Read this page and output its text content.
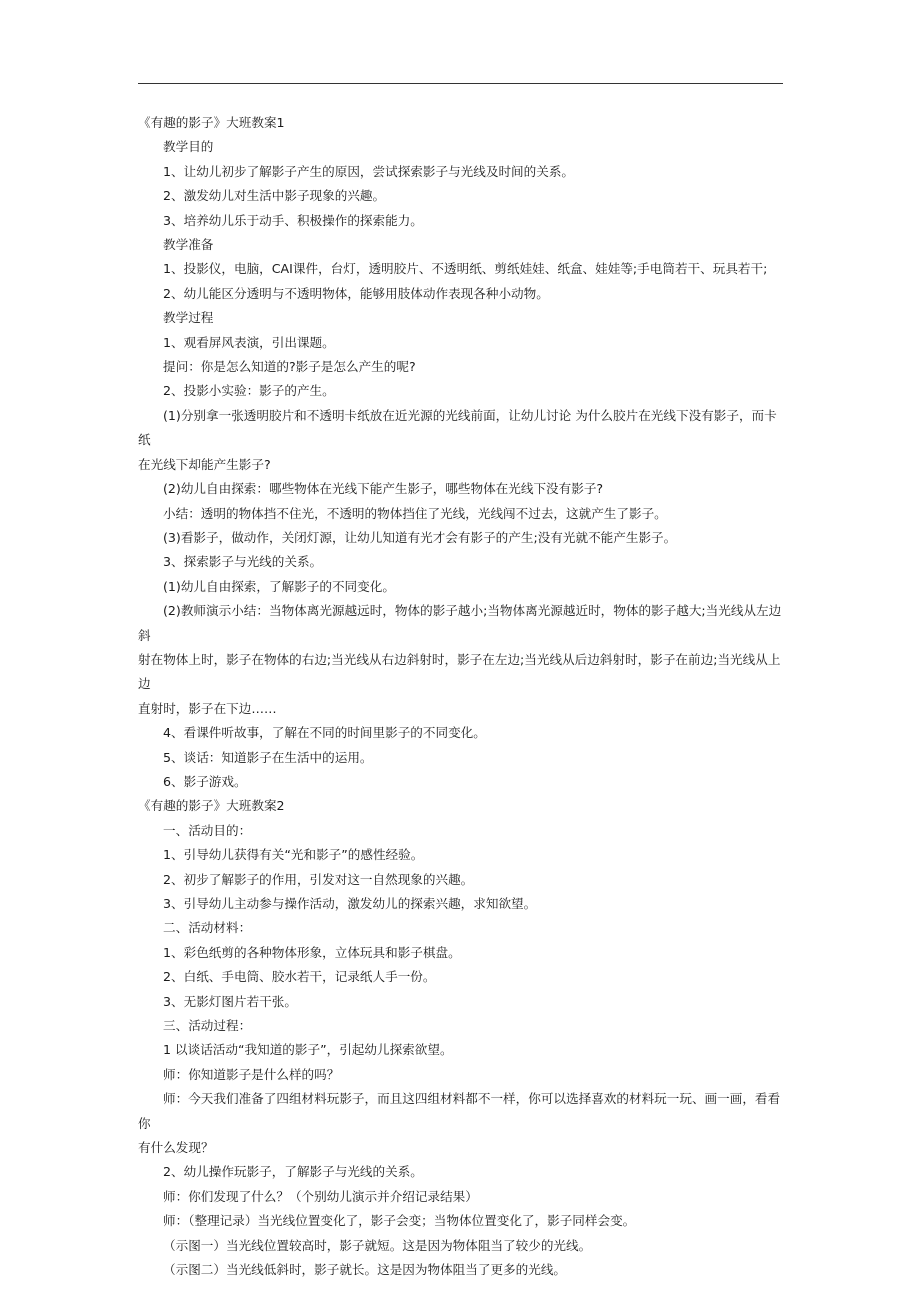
《有趣的影子》大班教案1

教学目的

1、让幼儿初步了解影子产生的原因，尝试探索影子与光线及时间的关系。

2、激发幼儿对生活中影子现象的兴趣。

3、培养幼儿乐于动手、积极操作的探索能力。

教学准备

1、投影仪，电脑，CAI课件，台灯，透明胶片、不透明纸、剪纸娃娃、纸盒、娃娃等;手电筒若干、玩具若干;

2、幼儿能区分透明与不透明物体，能够用肢体动作表现各种小动物。

教学过程

1、观看屏风表演，引出课题。

提问：你是怎么知道的?影子是怎么产生的呢?

2、投影小实验：影子的产生。

(1)分别拿一张透明胶片和不透明卡纸放在近光源的光线前面，让幼儿讨论 为什么胶片在光线下没有影子，而卡纸

在光线下却能产生影子?

(2)幼儿自由探索：哪些物体在光线下能产生影子，哪些物体在光线下没有影子?

小结：透明的物体挡不住光，不透明的物体挡住了光线，光线闯不过去，这就产生了影子。

(3)看影子，做动作，关闭灯源，让幼儿知道有光才会有影子的产生;没有光就不能产生影子。

3、探索影子与光线的关系。

(1)幼儿自由探索，了解影子的不同变化。

(2)教师演示小结：当物体离光源越远时，物体的影子越小;当物体离光源越近时，物体的影子越大;当光线从左边斜

射在物体上时，影子在物体的右边;当光线从右边斜射时，影子在左边;当光线从后边斜射时，影子在前边;当光线从上边

直射时，影子在下边……

4、看课件听故事，了解在不同的时间里影子的不同变化。

5、谈话：知道影子在生活中的运用。

6、影子游戏。

《有趣的影子》大班教案2

一、活动目的：

1、引导幼儿获得有关“光和影子”的感性经验。

2、初步了解影子的作用，引发对这一自然现象的兴趣。

3、引导幼儿主动参与操作活动，激发幼儿的探索兴趣，求知欲望。

二、活动材料：

1、彩色纸剪的各种物体形象，立体玩具和影子棋盘。

2、白纸、手电筒、胶水若干，记录纸人手一份。

3、无影灯图片若干张。

三、活动过程：

1 以谈话活动“我知道的影子”，引起幼儿探索欲望。

师：你知道影子是什么样的吗？

师：今天我们准备了四组材料玩影子，而且这四组材料都不一样，你可以选择喜欢的材料玩一玩、画一画，看看你

有什么发现？

2、幼儿操作玩影子，了解影子与光线的关系。

师：你们发现了什么？（个别幼儿演示并介绍记录结果）

师：（整理记录）当光线位置变化了，影子会变；当物体位置变化了，影子同样会变。

（示图一）当光线位置较高时，影子就短。这是因为物体阻当了较少的光线。

（示图二）当光线低斜时，影子就长。这是因为物体阻当了更多的光线。
